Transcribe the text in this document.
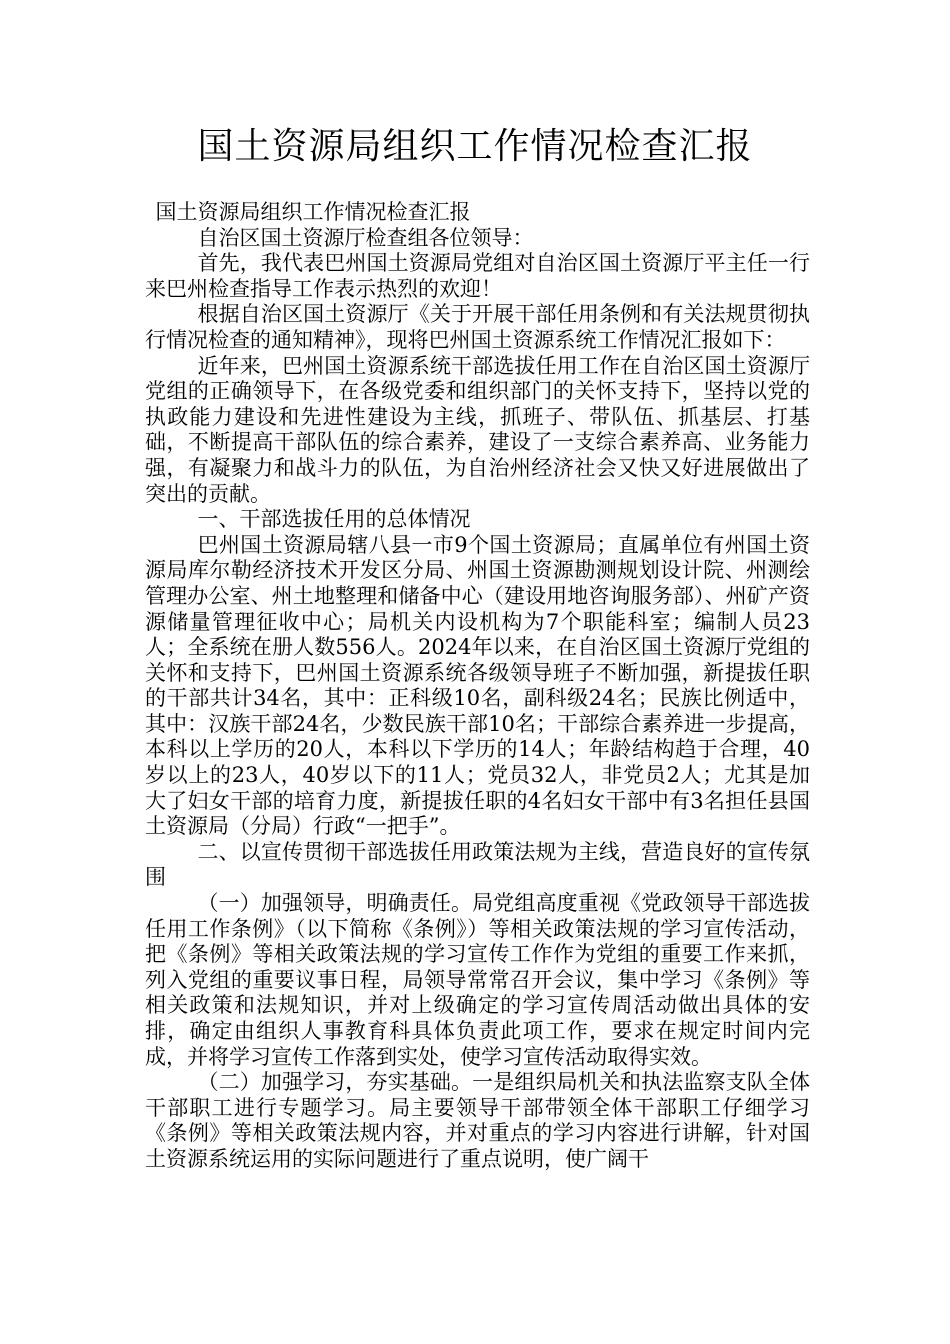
国土资源局组织工作情况检查汇报

国土资源局组织工作情况检查汇报

自治区国土资源厅检查组各位领导：

首先，我代表巴州国土资源局党组对自治区国土资源厅平主任一行来巴州检查指导工作表示热烈的欢迎！

根据自治区国土资源厅《关于开展干部任用条例和有关法规贯彻执行情况检查的通知精神》，现将巴州国土资源系统工作情况汇报如下：

近年来，巴州国土资源系统干部选拔任用工作在自治区国土资源厅党组的正确领导下，在各级党委和组织部门的关怀支持下，坚持以党的执政能力建设和先进性建设为主线，抓班子、带队伍、抓基层、打基础，不断提高干部队伍的综合素养，建设了一支综合素养高、业务能力强，有凝聚力和战斗力的队伍，为自治州经济社会又快又好进展做出了突出的贡献。

一、干部选拔任用的总体情况

巴州国土资源局辖八县一市9个国土资源局；直属单位有州国土资源局库尔勒经济技术开发区分局、州国土资源勘测规划设计院、州测绘管理办公室、州土地整理和储备中心（建设用地咨询服务部）、州矿产资源储量管理征收中心；局机关内设机构为7个职能科室；编制人员23人；全系统在册人数556人。2024年以来，在自治区国土资源厅党组的关怀和支持下，巴州国土资源系统各级领导班子不断加强，新提拔任职的干部共计34名，其中：正科级10名，副科级24名；民族比例适中，其中：汉族干部24名，少数民族干部10名；干部综合素养进一步提高，本科以上学历的20人，本科以下学历的14人；年龄结构趋于合理，40岁以上的23人，40岁以下的11人；党员32人，非党员2人；尤其是加大了妇女干部的培育力度，新提拔任职的4名妇女干部中有3名担任县国土资源局（分局）行政“一把手”。

二、以宣传贯彻干部选拔任用政策法规为主线，营造良好的宣传氛围

（一）加强领导，明确责任。局党组高度重视《党政领导干部选拔任用工作条例》（以下简称《条例》）等相关政策法规的学习宣传活动，把《条例》等相关政策法规的学习宣传工作作为党组的重要工作来抓，列入党组的重要议事日程，局领导常常召开会议，集中学习《条例》等相关政策和法规知识，并对上级确定的学习宣传周活动做出具体的安排，确定由组织人事教育科具体负责此项工作，要求在规定时间内完成，并将学习宣传工作落到实处，使学习宣传活动取得实效。

（二）加强学习，夯实基础。一是组织局机关和执法监察支队全体干部职工进行专题学习。局主要领导干部带领全体干部职工仔细学习《条例》等相关政策法规内容，并对重点的学习内容进行讲解，针对国土资源系统运用的实际问题进行了重点说明，使广阔干
